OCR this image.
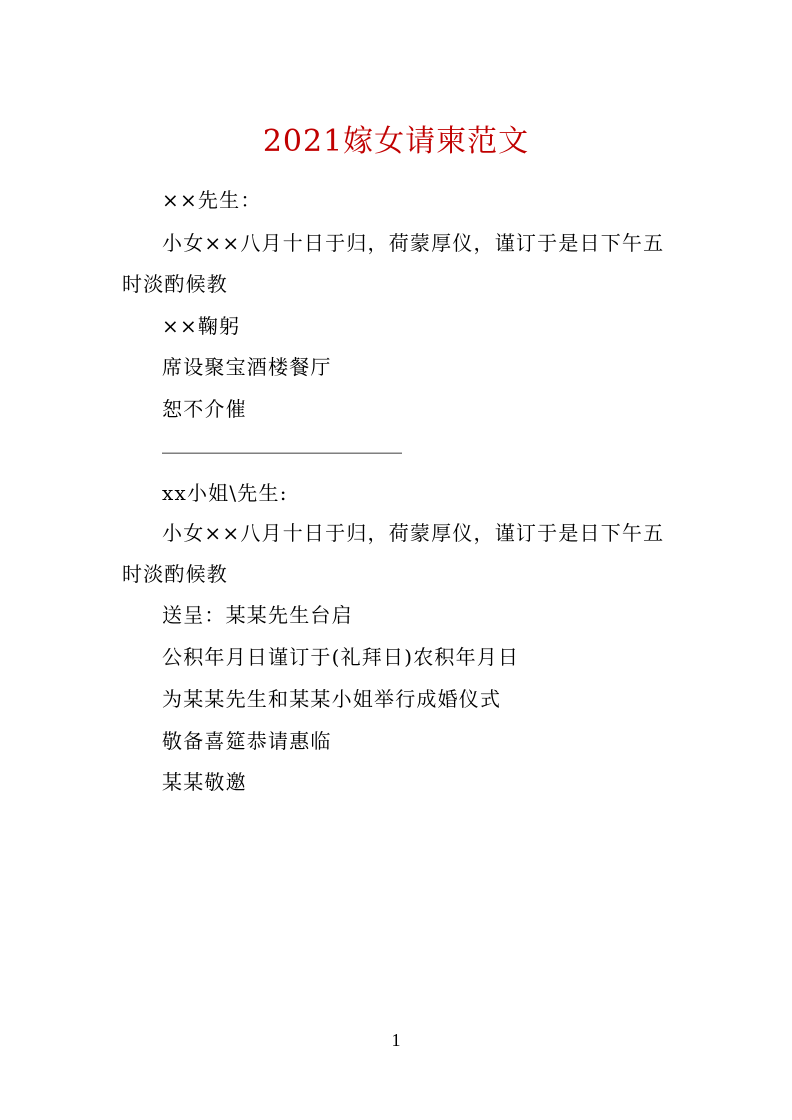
2021嫁女请柬范文
××先生：
小女××八月十日于归，荷蒙厚仪，谨订于是日下午五
时淡酌候教
××鞠躬
席设聚宝酒楼餐厅
恕不介催
________________________
xx小姐\先生:
小女××八月十日于归，荷蒙厚仪，谨订于是日下午五
时淡酌候教
送呈：某某先生台启
公积年月日谨订于(礼拜日)农积年月日
为某某先生和某某小姐举行成婚仪式
敬备喜筵恭请惠临
某某敬邀
1
